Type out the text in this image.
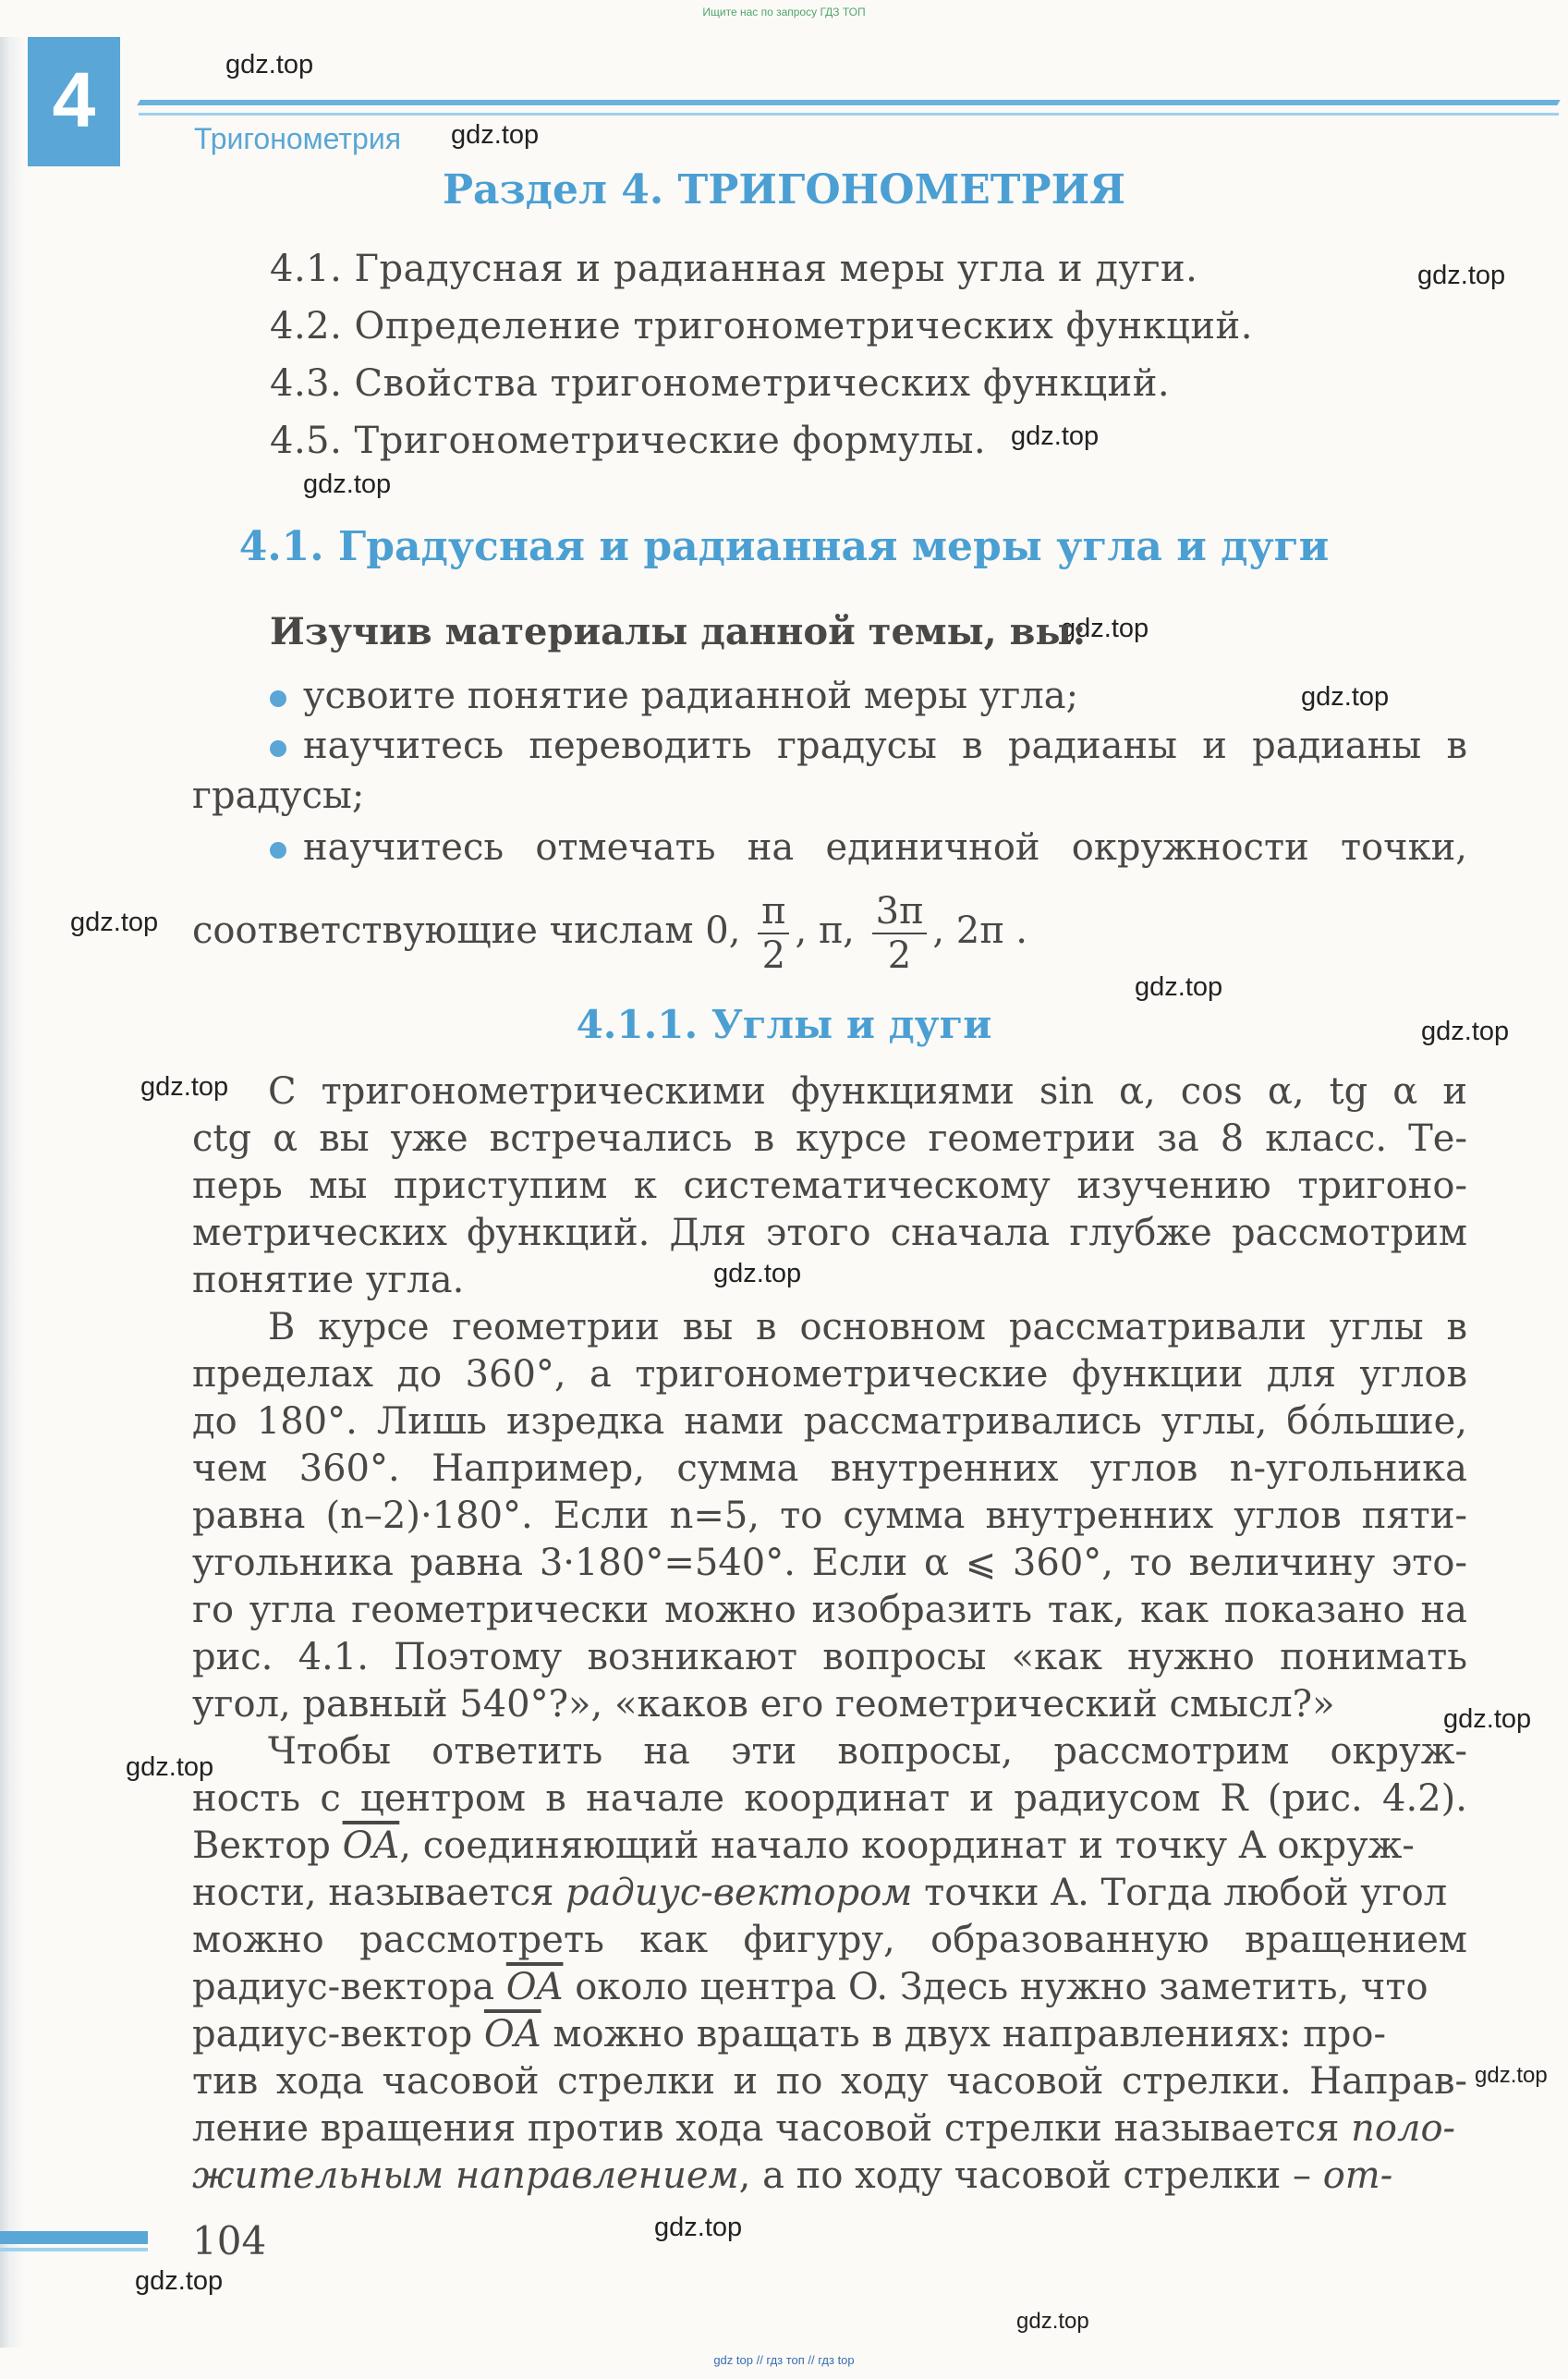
Ищите нас по запросу ГДЗ ТОП
4	Тригонометрия
gdz.top
gdz.top
gdz.top
gdz.top
gdz.top
gdz.top
gdz.top
gdz.top
gdz.top
gdz.top
gdz.top
gdz.top
gdz.top
gdz.top
gdz.top
gdz.top
gdz.top
gdz.top
Раздел 4. ТРИГОНОМЕТРИЯ
4.1. Градусная и радианная меры угла и дуги.
4.2. Определение тригонометрических функций.
4.3. Свойства тригонометрических функций.
4.5. Тригонометрические формулы.
4.1. Градусная и радианная меры угла и дуги
Изучив материалы данной темы, вы:
усвоите понятие радианной меры угла;
научитесь переводить градусы в радианы и радианы в
градусы;
научитесь отмечать на единичной окружности точки,
соответствующие числам 0, $\frac{\pi}{2}$ , π, $\frac{3\pi}{2}$ , 2π .
4.1.1. Углы и дуги
С тригонометрическими функциями sin α, cos α, tg α и
ctg α вы уже встречались в курсе геометрии за 8 класс. Те-
перь мы приступим к систематическому изучению тригоно-
метрических функций. Для этого сначала глубже рассмотрим
понятие угла.
В курсе геометрии вы в основном рассматривали углы в
пределах до 360°, а тригонометрические функции для углов
до 180°. Лишь изредка нами рассматривались углы, бо́льшие,
чем 360°. Например, сумма внутренних углов n-угольника
равна (n–2)·180°. Если n=5, то сумма внутренних углов пяти-
угольника равна 3·180°=540°. Если α ⩽ 360°, то величину это-
го угла геометрически можно изобразить так, как показано на
рис. 4.1. Поэтому возникают вопросы «как нужно понимать
угол, равный 540°?», «каков его геометрический смысл?»
Чтобы ответить на эти вопросы, рассмотрим окруж-
ность с центром в начале координат и радиусом R (рис. 4.2).
Вектор $\overline{OA}$, соединяющий начало координат и точку A окруж-
ности, называется радиус-вектором точки A. Тогда любой угол
можно рассмотреть как фигуру, образованную вращением
радиус-вектора $\overline{OA}$ около центра O. Здесь нужно заметить, что
радиус-вектор $\overline{OA}$ можно вращать в двух направлениях: про-
тив хода часовой стрелки и по ходу часовой стрелки. Направ-
ление вращения против хода часовой стрелки называется поло-
жительным направлением, а по ходу часовой стрелки – от-
104
gdz top // гдз топ // гдз top
